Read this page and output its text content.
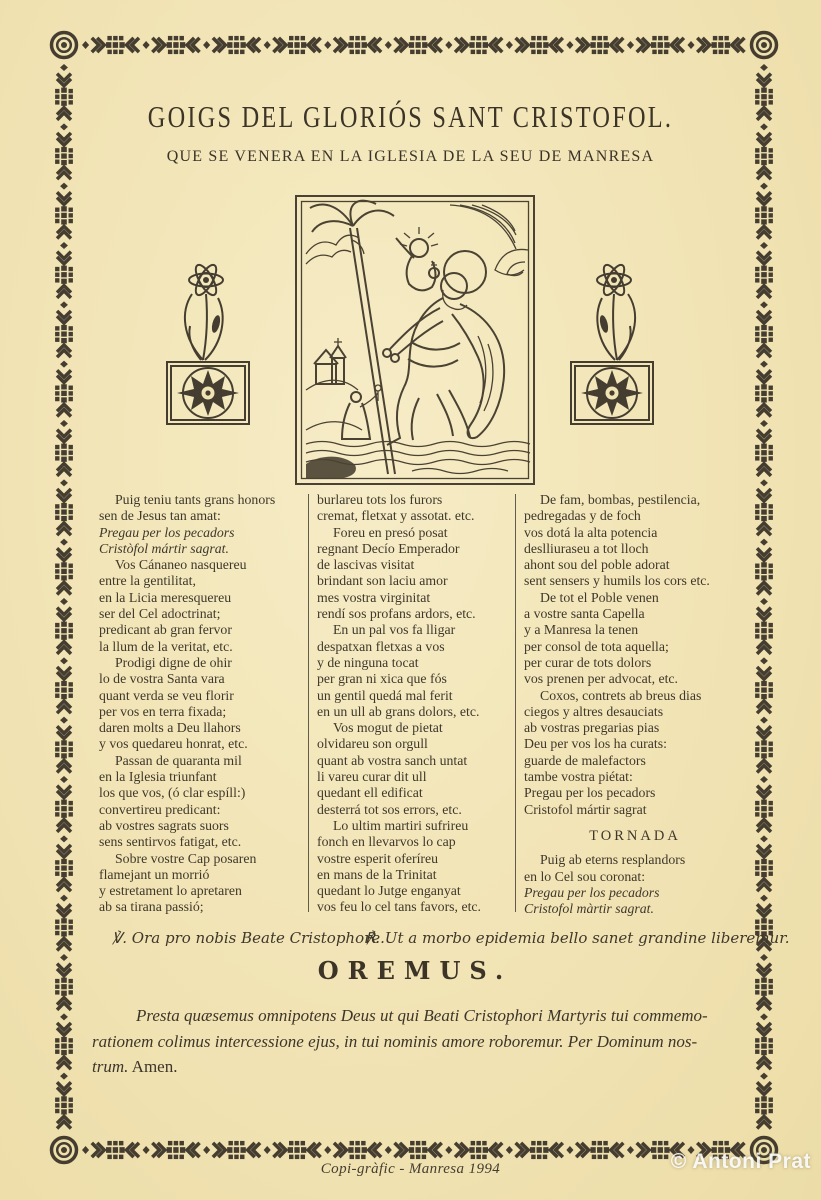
GOIGS DEL GLORIÓS SANT CRISTOFOL.
QUE SE VENERA EN LA IGLESIA DE LA SEU DE MANRESA
Puig teniu tants grans honors
sen de Jesus tan amat:
Pregau per los pecadors
Cristòfol mártir sagrat.
Vos Cánaneo nasquereu
entre la gentilitat,
en la Licia meresquereu
ser del Cel adoctrinat;
predicant ab gran fervor
la llum de la veritat, etc.
Prodigi digne de ohir
lo de vostra Santa vara
quant verda se veu florir
per vos en terra fixada;
daren molts a Deu llahors
y vos quedareu honrat, etc.
Passan de quaranta mil
en la Iglesia triunfant
los que vos, (ó clar espíll:)
convertireu predicant:
ab vostres sagrats suors
sens sentirvos fatigat, etc.
Sobre vostre Cap posaren
flamejant un morrió
y estretament lo apretaren
ab sa tirana passió;
burlareu tots los furors
cremat, fletxat y assotat. etc.
Foreu en presó posat
regnant Decío Emperador
de lascivas visitat
brindant son laciu amor
mes vostra virginitat
rendí sos profans ardors, etc.
En un pal vos fa lligar
despatxan fletxas a vos
y de ninguna tocat
per gran ni xica que fós
un gentil quedá mal ferit
en un ull ab grans dolors, etc.
Vos mogut de pietat
olvidareu son orgull
quant ab vostra sanch untat
li vareu curar dit ull
quedant ell edificat
desterrá tot sos errors, etc.
Lo ultim martiri sufrireu
fonch en llevarvos lo cap
vostre esperit oferíreu
en mans de la Trinitat
quedant lo Jutge enganyat
vos feu lo cel tans favors, etc.
De fam, bombas, pestilencia,
pedregadas y de foch
vos dotá la alta potencia
deslliuraseu a tot lloch
ahont sou del poble adorat
sent sensers y humils los cors etc.
De tot el Poble venen
a vostre santa Capella
y a Manresa la tenen
per consol de tota aquella;
per curar de tots dolors
vos prenen per advocat, etc.
Coxos, contrets ab breus dias
ciegos y altres desauciats
ab vostras pregarias pias
Deu per vos los ha curats:
guarde de malefactors
tambe vostra piétat:
Pregau per los pecadors
Cristofol mártir sagrat
TORNADA
Puig ab eterns resplandors
en lo Cel sou coronat:
Pregau per los pecadors
Cristofol màrtir sagrat.
℣. Ora pro nobis Beate Cristophore.
℟. Ut a morbo epidemia bello sanet grandine liberemur.
OREMUS.
Presta quæsemus omnipotens Deus ut qui Beati Cristophori Martyris tui commemo-
rationem colimus intercessione ejus, in tui nominis amore roboremur. Per Dominum nos-
trum. Amen.
Copi-gràfic - Manresa 1994	© Antoni Prat
